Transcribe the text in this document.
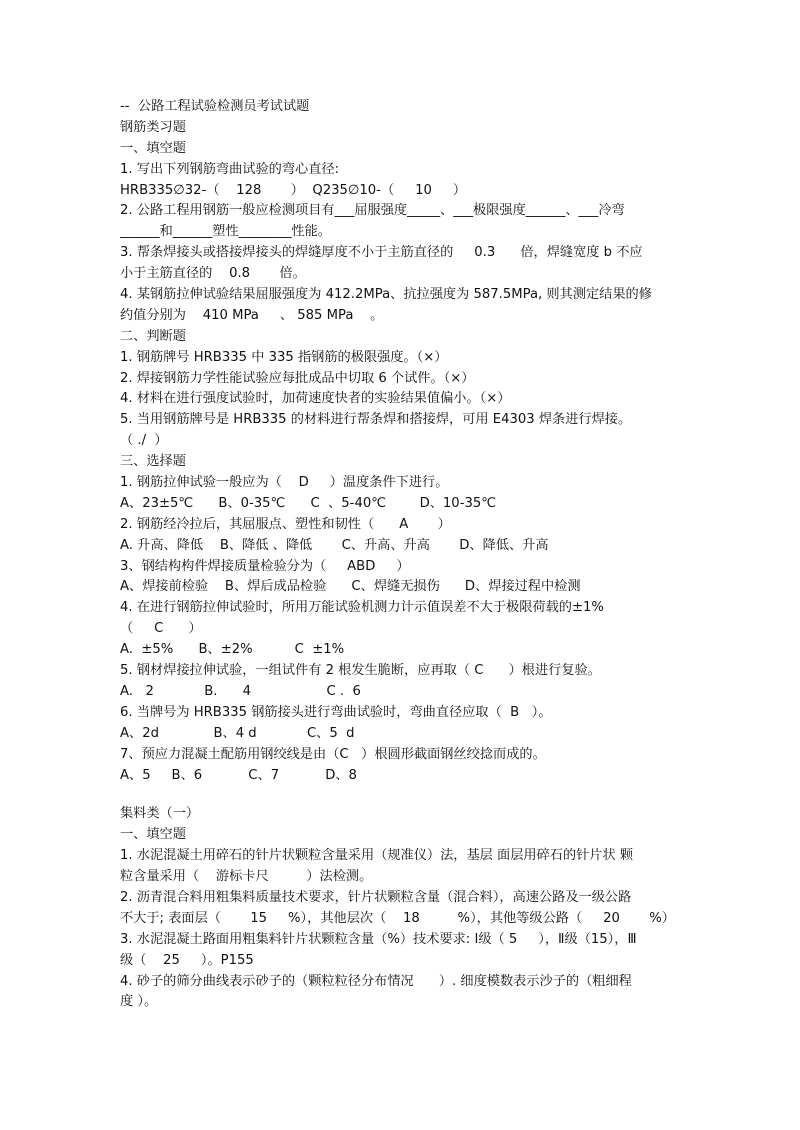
--  公路工程试验检测员考试试题
钢筋类习题
一、填空题
1. 写出下列钢筋弯曲试验的弯心直径:
HRB335∅32-（    128       ）  Q235∅10-（     10     ）
2. 公路工程用钢筋一般应检测项目有___屈服强度_____、___极限强度______、___冷弯
______和______塑性________性能。
3. 帮条焊接头或搭接焊接头的焊缝厚度不小于主筋直径的     0.3      倍，焊缝宽度 b 不应
小于主筋直径的    0.8       倍。
4. 某钢筋拉伸试验结果屈服强度为 412.2MPa、抗拉强度为 587.5MPa, 则其测定结果的修
约值分别为    410 MPa     、 585 MPa    。
二、判断题
1. 钢筋牌号 HRB335 中 335 指钢筋的极限强度。（×）
2. 焊接钢筋力学性能试验应每批成品中切取 6 个试件。（×）
4. 材料在进行强度试验时，加荷速度快者的实验结果值偏小。（×）
5. 当用钢筋牌号是 HRB335 的材料进行帮条焊和搭接焊，可用 E4303 焊条进行焊接。
（ ./  ）
三、选择题
1. 钢筋拉伸试验一般应为（    D     ）温度条件下进行。
A、23±5℃      B、0-35℃      C  、5-40℃        D、10-35℃
2. 钢筋经冷拉后，其屈服点、塑性和韧性（      A       ）
A. 升高、降低    B、降低 、降低       C、升高、升高       D、降低、升高
3、钢结构构件焊接质量检验分为（     ABD     ）
A、焊接前检验    B、焊后成品检验      C、焊缝无损伤      D、焊接过程中检测
4. 在进行钢筋拉伸试验时，所用万能试验机测力计示值误差不大于极限荷载的±1%
（     C      ）
A.  ±5%      B、±2%          C  ±1%
5. 钢材焊接拉伸试验，一组试件有 2 根发生脆断，应再取（ C      ）根进行复验。
A.   2            B.      4                  C .  6
6. 当牌号为 HRB335 钢筋接头进行弯曲试验时，弯曲直径应取（  B   ）。
A、2d             B、4 d            C、5  d
7、预应力混凝土配筋用钢绞线是由（C   ）根圆形截面钢丝绞捻而成的。
A、5     B、6           C、7           D、8
集料类（一）
一、填空题
1. 水泥混凝土用碎石的针片状颗粒含量采用（规准仪）法，基层 面层用碎石的针片状 颗
粒含量采用（    游标卡尺         ）法检测。
2. 沥青混合料用粗集料质量技术要求，针片状颗粒含量（混合料），高速公路及一级公路
不大于; 表面层（       15     %），其他层次（    18         %），其他等级公路（     20       %）
3. 水泥混凝土路面用粗集料针片状颗粒含量（%）技术要求: Ⅰ级（ 5     ），Ⅱ级（15），Ⅲ
级（    25     ）。P155
4. 砂子的筛分曲线表示砂子的（颗粒粒径分布情况      ）. 细度模数表示沙子的（粗细程
度 ）。
